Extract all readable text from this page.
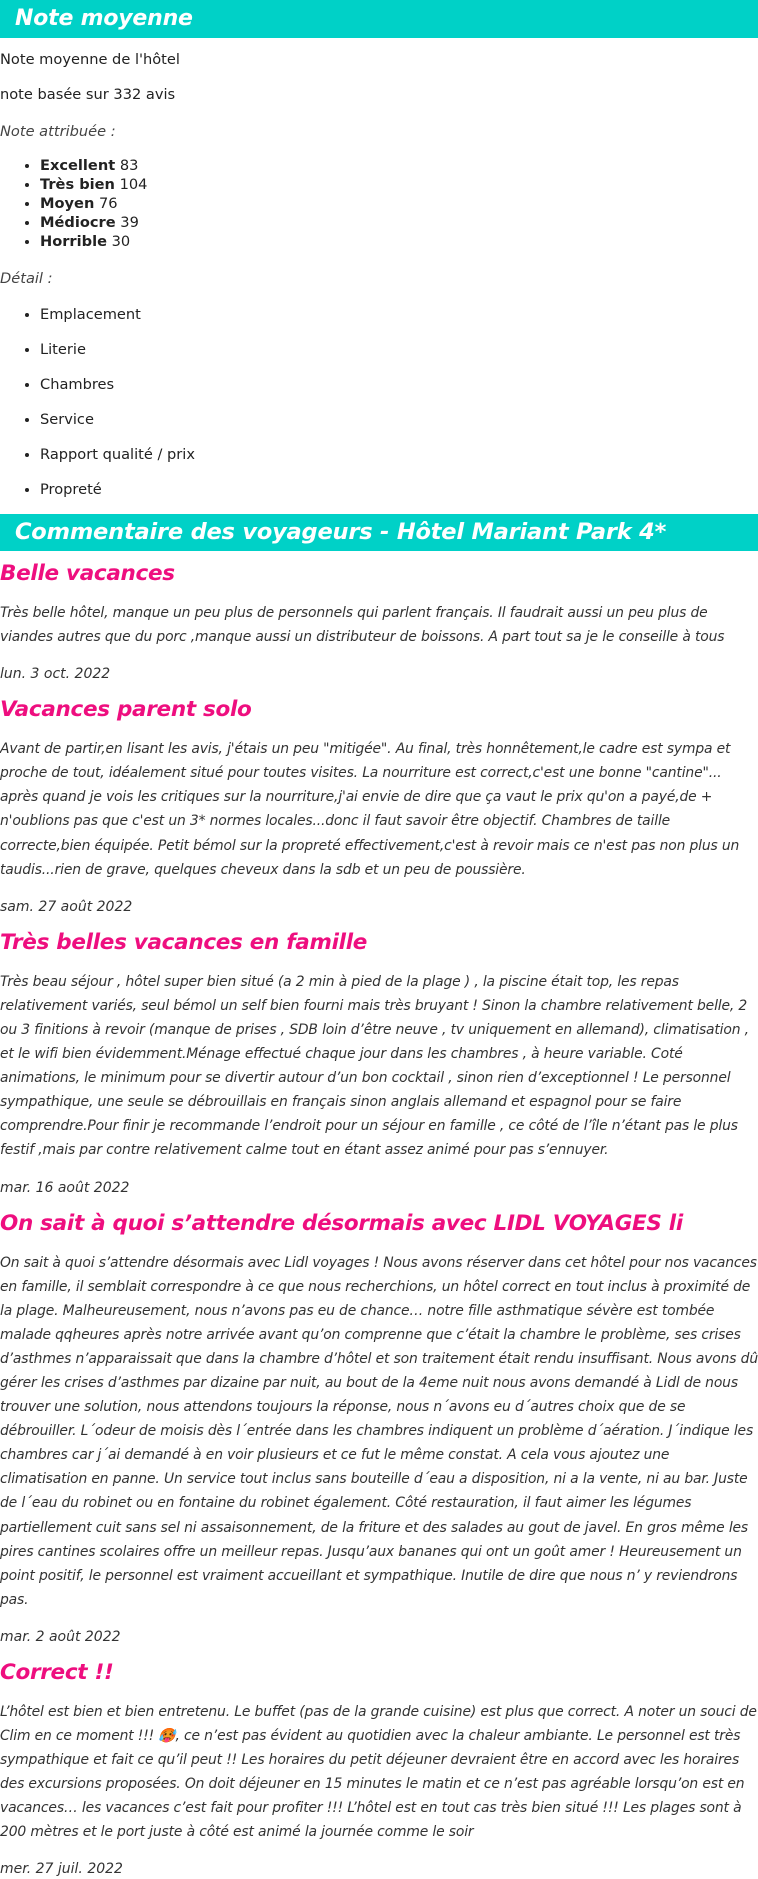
Note moyenne

Note moyenne de l'hôtel

note basée sur 332 avis

Note attribuée :

• Excellent 83
• Très bien 104
• Moyen 76
• Médiocre 39
• Horrible 30

Détail :

• Emplacement
• Literie
• Chambres
• Service
• Rapport qualité / prix
• Propreté
Commentaire des voyageurs - Hôtel Mariant Park 4*
Belle vacances

Très belle hôtel, manque un peu plus de personnels qui parlent français. Il faudrait aussi un peu plus de viandes autres que du porc ,manque aussi un distributeur de boissons. A part tout sa je le conseille à tous

lun. 3 oct. 2022

Vacances parent solo

Avant de partir,en lisant les avis, j'étais un peu "mitigée". Au final, très honnêtement,le cadre est sympa et proche de tout, idéalement situé pour toutes visites. La nourriture est correct,c'est une bonne "cantine"... après quand je vois les critiques sur la nourriture,j'ai envie de dire que ça vaut le prix qu'on a payé,de + n'oublions pas que c'est un 3* normes locales...donc il faut savoir être objectif. Chambres de taille correcte,bien équipée. Petit bémol sur la propreté effectivement,c'est à revoir mais ce n'est pas non plus un taudis...rien de grave, quelques cheveux dans la sdb et un peu de poussière.

sam. 27 août 2022

Très belles vacances en famille

Très beau séjour , hôtel super bien situé (a 2 min à pied de la plage ) , la piscine était top, les repas relativement variés, seul bémol un self bien fourni mais très bruyant ! Sinon la chambre relativement belle, 2 ou 3 finitions à revoir (manque de prises , SDB loin d’être neuve , tv uniquement en allemand), climatisation , et le wifi bien évidemment.Ménage effectué chaque jour dans les chambres , à heure variable. Coté animations, le minimum pour se divertir autour d’un bon cocktail , sinon rien d’exceptionnel ! Le personnel sympathique, une seule se débrouillais en français sinon anglais allemand et espagnol pour se faire comprendre.Pour finir je recommande l’endroit pour un séjour en famille , ce côté de l’île n’étant pas le plus festif ,mais par contre relativement calme tout en étant assez animé pour pas s’ennuyer.

mar. 16 août 2022

On sait à quoi s’attendre désormais avec LIDL VOYAGES li

On sait à quoi s’attendre désormais avec Lidl voyages ! Nous avons réserver dans cet hôtel pour nos vacances en famille, il semblait correspondre à ce que nous recherchions, un hôtel correct en tout inclus à proximité de la plage. Malheureusement, nous n’avons pas eu de chance… notre fille asthmatique sévère est tombée malade qqheures après notre arrivée avant qu’on comprenne que c’était la chambre le problème, ses crises d’asthmes n’apparaissait que dans la chambre d’hôtel et son traitement était rendu insuffisant. Nous avons dû gérer les crises d’asthmes par dizaine par nuit, au bout de la 4eme nuit nous avons demandé à Lidl de nous trouver une solution, nous attendons toujours la réponse, nous n´avons eu d´autres choix que de se débrouiller. L´odeur de moisis dès l´entrée dans les chambres indiquent un problème d´aération. J´indique les chambres car j´ai demandé à en voir plusieurs et ce fut le même constat. A cela vous ajoutez une climatisation en panne. Un service tout inclus sans bouteille d´eau a disposition, ni a la vente, ni au bar. Juste de l´eau du robinet ou en fontaine du robinet également. Côté restauration, il faut aimer les légumes partiellement cuit sans sel ni assaisonnement, de la friture et des salades au gout de javel. En gros même les pires cantines scolaires offre un meilleur repas. Jusqu’aux bananes qui ont un goût amer ! Heureusement un point positif, le personnel est vraiment accueillant et sympathique. Inutile de dire que nous n’ y reviendrons pas.

mar. 2 août 2022

Correct !!

L’hôtel est bien et bien entretenu. Le buffet (pas de la grande cuisine) est plus que correct. A noter un souci de Clim en ce moment !!! 🥵, ce n’est pas évident au quotidien avec la chaleur ambiante. Le personnel est très sympathique et fait ce qu’il peut !! Les horaires du petit déjeuner devraient être en accord avec les horaires des excursions proposées. On doit déjeuner en 15 minutes le matin et ce n’est pas agréable lorsqu’on est en vacances… les vacances c’est fait pour profiter !!! L’hôtel est en tout cas très bien situé !!! Les plages sont à 200 mètres et le port juste à côté est animé la journée comme le soir

mer. 27 juil. 2022
